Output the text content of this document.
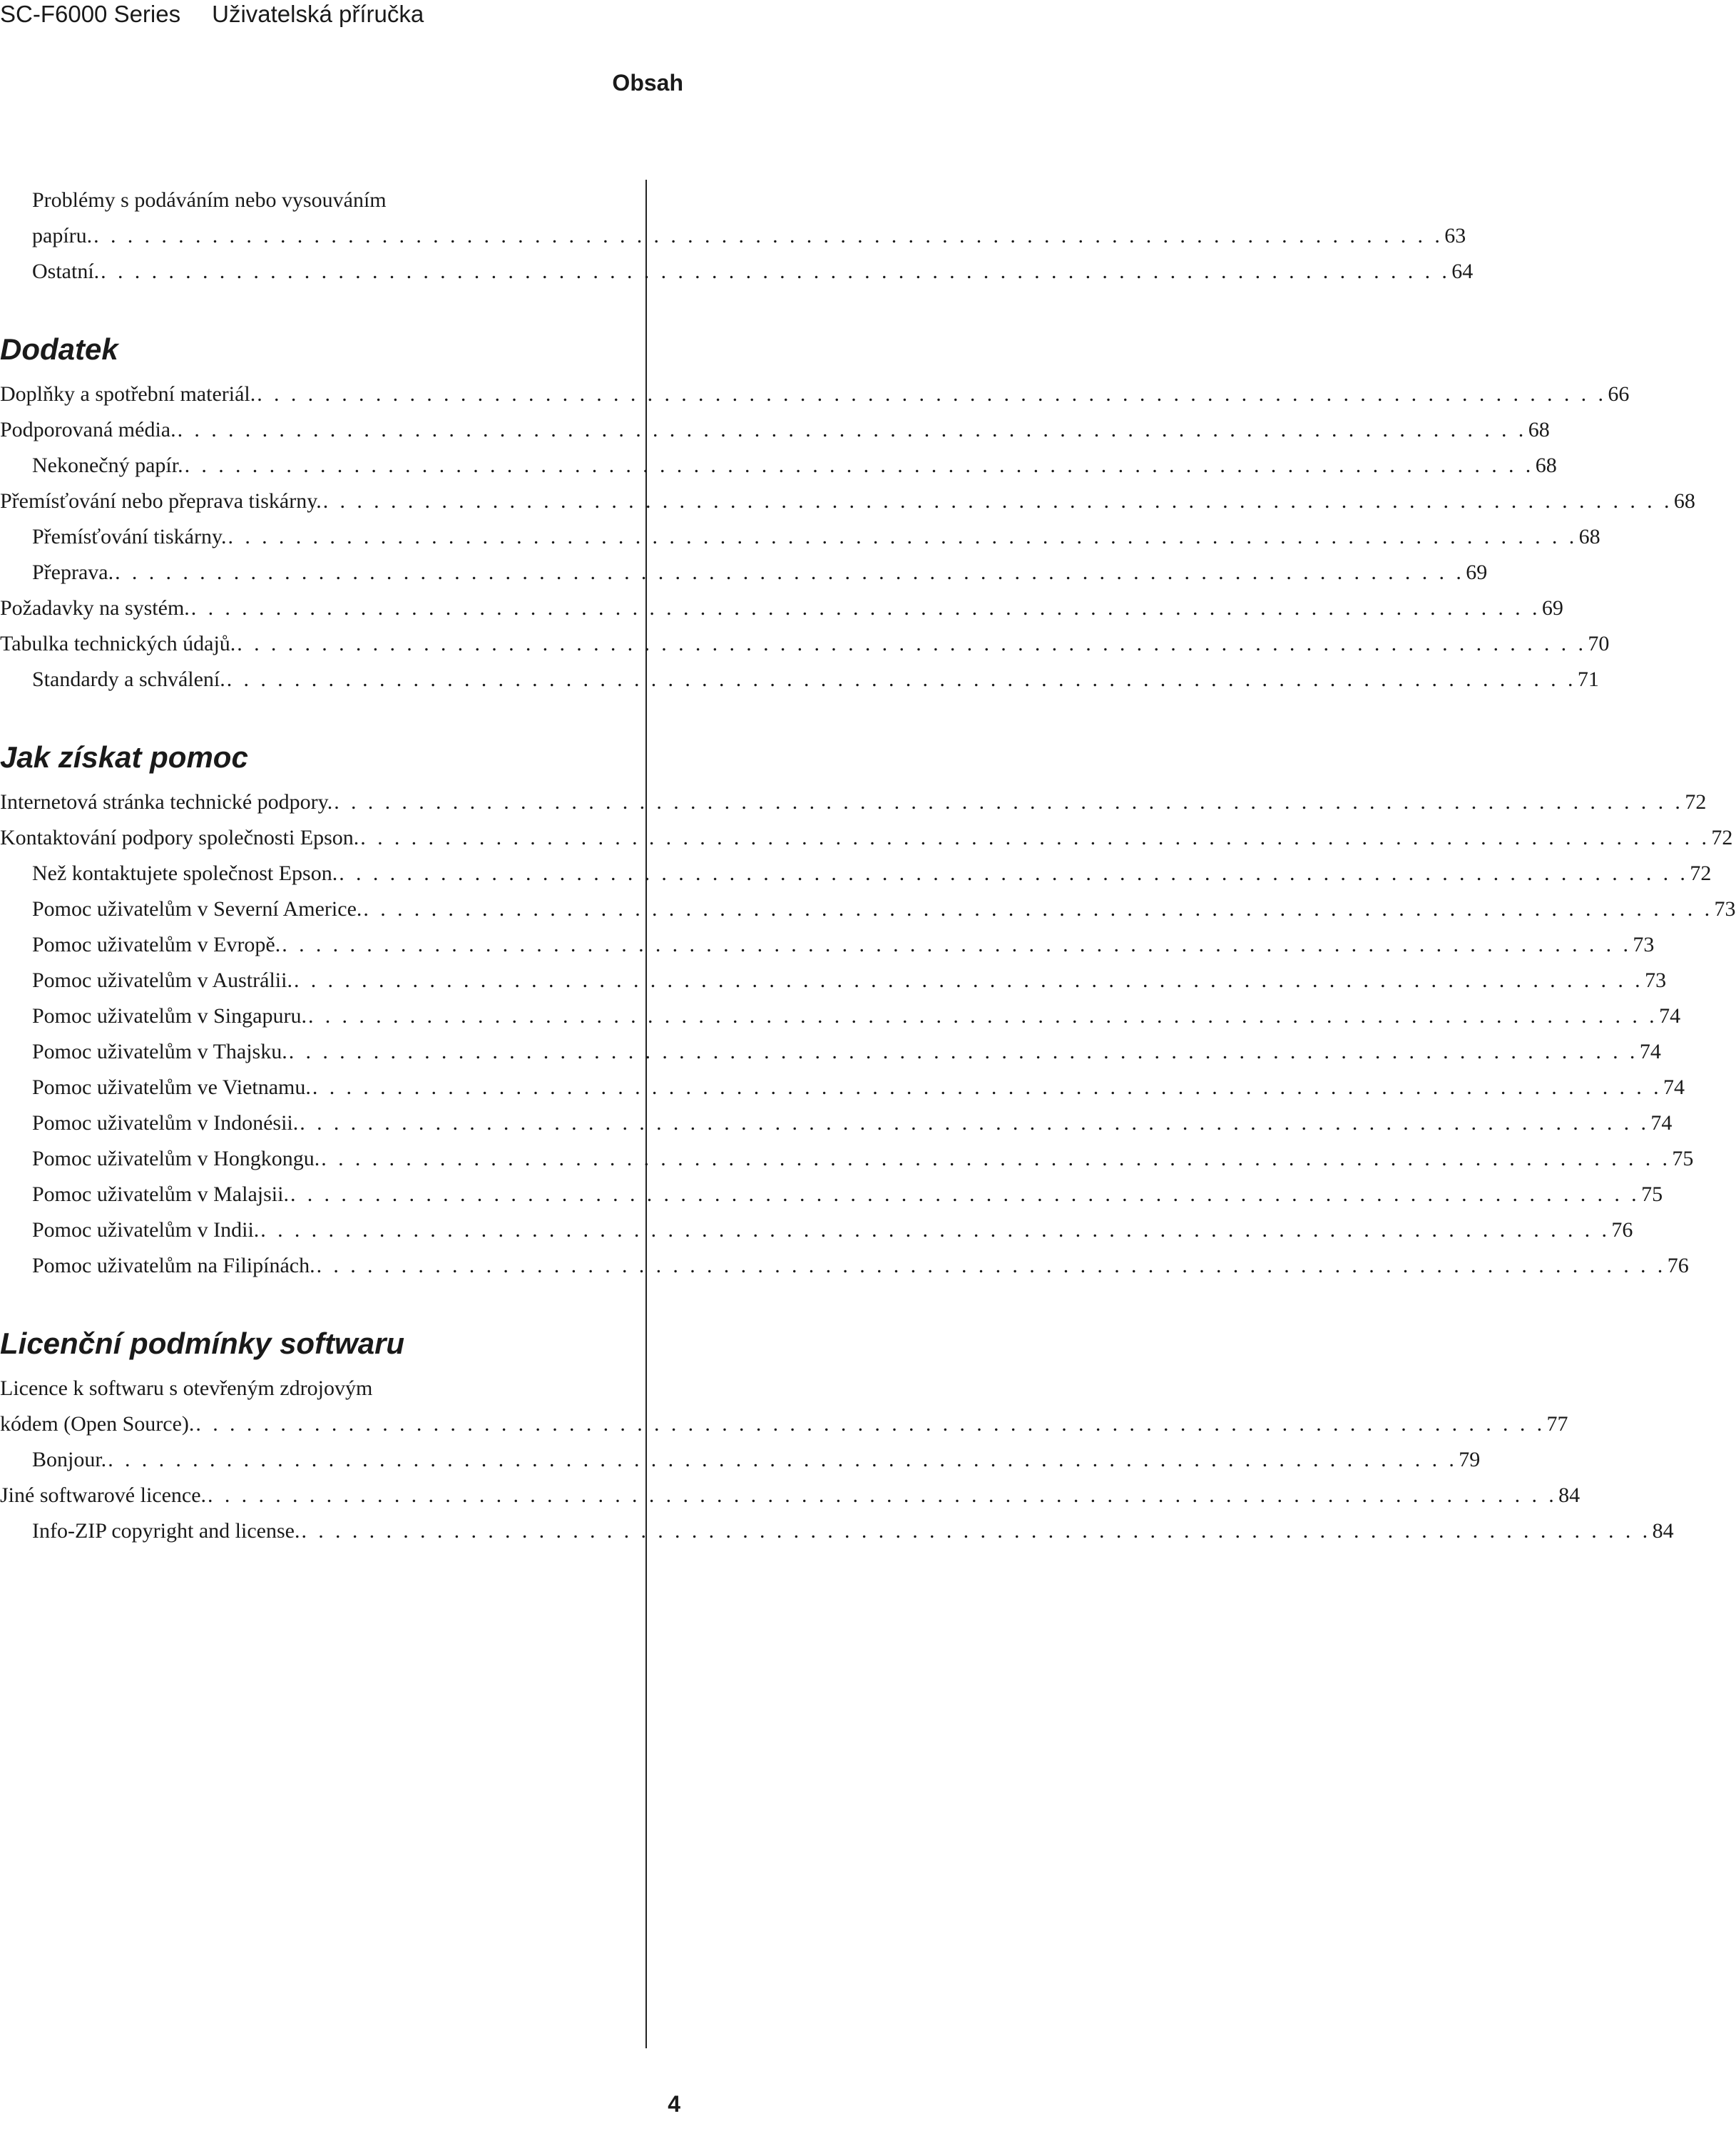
SC-F6000 Series Uživatelská příručka
Obsah
Problémy s podáváním nebo vysouváním
papíru. . . . . . . . . . . . . . . . . . . . . . . . . . . . . . . . . . . . . . . . . . . . . . . . . . . . . . . . . . . . . . . . . . . . . . . . . . . . . . . . . 63
Ostatní. . . . . . . . . . . . . . . . . . . . . . . . . . . . . . . . . . . . . . . . . . . . . . . . . . . . . . . . . . . . . . . . . . . . . . . . . . . . . . . . . 64
Dodatek
Doplňky a spotřební materiál. . . . . . . . . . . . . . . . . . . . . . . . . . . . . . . . . . . . . . . . . . . . . . . . . . . . . . . . . . . . . . . . . . . . . . . . . . . . . . . . . 66
Podporovaná média. . . . . . . . . . . . . . . . . . . . . . . . . . . . . . . . . . . . . . . . . . . . . . . . . . . . . . . . . . . . . . . . . . . . . . . . . . . . . . . . . 68
Nekonečný papír. . . . . . . . . . . . . . . . . . . . . . . . . . . . . . . . . . . . . . . . . . . . . . . . . . . . . . . . . . . . . . . . . . . . . . . . . . . . . . . . . 68
Přemísťování nebo přeprava tiskárny. . . . . . . . . . . . . . . . . . . . . . . . . . . . . . . . . . . . . . . . . . . . . . . . . . . . . . . . . . . . . . . . . . . . . . . . . . . . . . . . . 68
Přemísťování tiskárny. . . . . . . . . . . . . . . . . . . . . . . . . . . . . . . . . . . . . . . . . . . . . . . . . . . . . . . . . . . . . . . . . . . . . . . . . . . . . . . . . 68
Přeprava. . . . . . . . . . . . . . . . . . . . . . . . . . . . . . . . . . . . . . . . . . . . . . . . . . . . . . . . . . . . . . . . . . . . . . . . . . . . . . . . . 69
Požadavky na systém. . . . . . . . . . . . . . . . . . . . . . . . . . . . . . . . . . . . . . . . . . . . . . . . . . . . . . . . . . . . . . . . . . . . . . . . . . . . . . . . . 69
Tabulka technických údajů. . . . . . . . . . . . . . . . . . . . . . . . . . . . . . . . . . . . . . . . . . . . . . . . . . . . . . . . . . . . . . . . . . . . . . . . . . . . . . . . . 70
Standardy a schválení. . . . . . . . . . . . . . . . . . . . . . . . . . . . . . . . . . . . . . . . . . . . . . . . . . . . . . . . . . . . . . . . . . . . . . . . . . . . . . . . . 71
Jak získat pomoc
Internetová stránka technické podpory. . . . . . . . . . . . . . . . . . . . . . . . . . . . . . . . . . . . . . . . . . . . . . . . . . . . . . . . . . . . . . . . . . . . . . . . . . . . . . . . . 72
Kontaktování podpory společnosti Epson. . . . . . . . . . . . . . . . . . . . . . . . . . . . . . . . . . . . . . . . . . . . . . . . . . . . . . . . . . . . . . . . . . . . . . . . . . . . . . . . . 72
Než kontaktujete společnost Epson. . . . . . . . . . . . . . . . . . . . . . . . . . . . . . . . . . . . . . . . . . . . . . . . . . . . . . . . . . . . . . . . . . . . . . . . . . . . . . . . . 72
Pomoc uživatelům v Severní Americe. . . . . . . . . . . . . . . . . . . . . . . . . . . . . . . . . . . . . . . . . . . . . . . . . . . . . . . . . . . . . . . . . . . . . . . . . . . . . . . . . 73
Pomoc uživatelům v Evropě. . . . . . . . . . . . . . . . . . . . . . . . . . . . . . . . . . . . . . . . . . . . . . . . . . . . . . . . . . . . . . . . . . . . . . . . . . . . . . . . . 73
Pomoc uživatelům v Austrálii. . . . . . . . . . . . . . . . . . . . . . . . . . . . . . . . . . . . . . . . . . . . . . . . . . . . . . . . . . . . . . . . . . . . . . . . . . . . . . . . . 73
Pomoc uživatelům v Singapuru. . . . . . . . . . . . . . . . . . . . . . . . . . . . . . . . . . . . . . . . . . . . . . . . . . . . . . . . . . . . . . . . . . . . . . . . . . . . . . . . . 74
Pomoc uživatelům v Thajsku. . . . . . . . . . . . . . . . . . . . . . . . . . . . . . . . . . . . . . . . . . . . . . . . . . . . . . . . . . . . . . . . . . . . . . . . . . . . . . . . . 74
Pomoc uživatelům ve Vietnamu. . . . . . . . . . . . . . . . . . . . . . . . . . . . . . . . . . . . . . . . . . . . . . . . . . . . . . . . . . . . . . . . . . . . . . . . . . . . . . . . . 74
Pomoc uživatelům v Indonésii. . . . . . . . . . . . . . . . . . . . . . . . . . . . . . . . . . . . . . . . . . . . . . . . . . . . . . . . . . . . . . . . . . . . . . . . . . . . . . . . . 74
Pomoc uživatelům v Hongkongu. . . . . . . . . . . . . . . . . . . . . . . . . . . . . . . . . . . . . . . . . . . . . . . . . . . . . . . . . . . . . . . . . . . . . . . . . . . . . . . . . 75
Pomoc uživatelům v Malajsii. . . . . . . . . . . . . . . . . . . . . . . . . . . . . . . . . . . . . . . . . . . . . . . . . . . . . . . . . . . . . . . . . . . . . . . . . . . . . . . . . 75
Pomoc uživatelům v Indii. . . . . . . . . . . . . . . . . . . . . . . . . . . . . . . . . . . . . . . . . . . . . . . . . . . . . . . . . . . . . . . . . . . . . . . . . . . . . . . . . 76
Pomoc uživatelům na Filipínách. . . . . . . . . . . . . . . . . . . . . . . . . . . . . . . . . . . . . . . . . . . . . . . . . . . . . . . . . . . . . . . . . . . . . . . . . . . . . . . . . 76
Licenční podmínky softwaru
Licence k softwaru s otevřeným zdrojovým
kódem (Open Source). . . . . . . . . . . . . . . . . . . . . . . . . . . . . . . . . . . . . . . . . . . . . . . . . . . . . . . . . . . . . . . . . . . . . . . . . . . . . . . . . 77
Bonjour. . . . . . . . . . . . . . . . . . . . . . . . . . . . . . . . . . . . . . . . . . . . . . . . . . . . . . . . . . . . . . . . . . . . . . . . . . . . . . . . . 79
Jiné softwarové licence. . . . . . . . . . . . . . . . . . . . . . . . . . . . . . . . . . . . . . . . . . . . . . . . . . . . . . . . . . . . . . . . . . . . . . . . . . . . . . . . . 84
Info-ZIP copyright and license. . . . . . . . . . . . . . . . . . . . . . . . . . . . . . . . . . . . . . . . . . . . . . . . . . . . . . . . . . . . . . . . . . . . . . . . . . . . . . . . . 84
4
